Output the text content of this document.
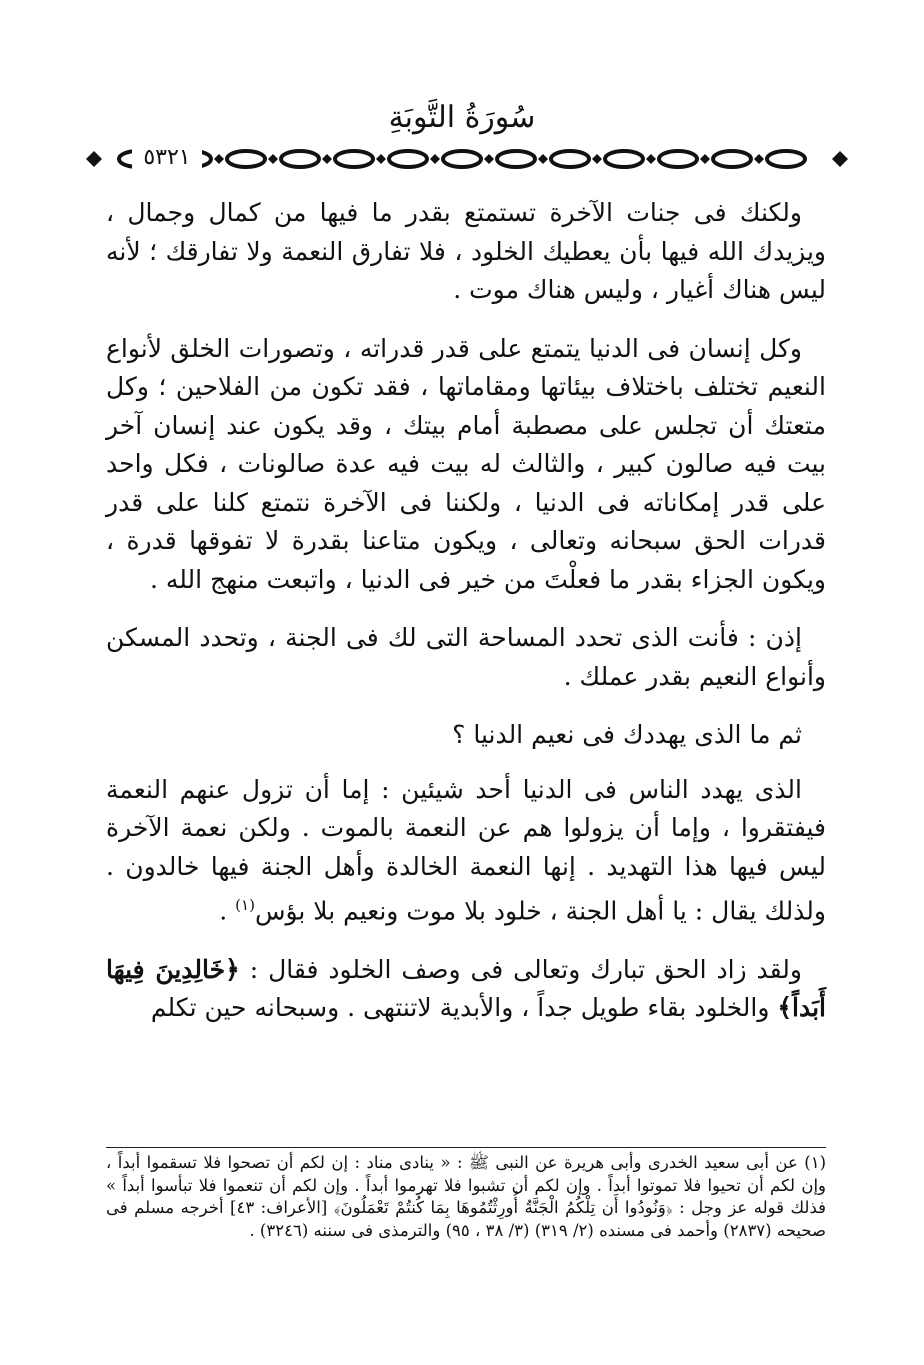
سُورَةُ التَّوبَةِ
٥٣٢١

ولكنك فى جنات الآخرة تستمتع بقدر ما فيها من كمال وجمال ، ويزيدك الله فيها بأن يعطيك الخلود ، فلا تفارق النعمة ولا تفارقك ؛ لأنه ليس هناك أغيار ، وليس هناك موت .

وكل إنسان فى الدنيا يتمتع على قدر قدراته ، وتصورات الخلق لأنواع النعيم تختلف باختلاف بيئاتها ومقاماتها ، فقد تكون من الفلاحين ؛ وكل متعتك أن تجلس على مصطبة أمام بيتك ، وقد يكون عند إنسان آخر بيت فيه صالون كبير ، والثالث له بيت فيه عدة صالونات ، فكل واحد على قدر إمكاناته فى الدنيا ، ولكننا فى الآخرة نتمتع كلنا على قدر قدرات الحق سبحانه وتعالى ، ويكون متاعنا بقدرة لا تفوقها قدرة ، ويكون الجزاء بقدر ما فعلْتَ من خير فى الدنيا ، واتبعت منهج الله .

إذن : فأنت الذى تحدد المساحة التى لك فى الجنة ، وتحدد المسكن وأنواع النعيم بقدر عملك .

ثم ما الذى يهددك فى نعيم الدنيا ؟

الذى يهدد الناس فى الدنيا أحد شيئين : إما أن تزول عنهم النعمة فيفتقروا ، وإما أن يزولوا هم عن النعمة بالموت . ولكن نعمة الآخرة ليس فيها هذا التهديد . إنها النعمة الخالدة وأهل الجنة فيها خالدون . ولذلك يقال : يا أهل الجنة ، خلود بلا موت ونعيم بلا بؤس$^{(١)}$ .

ولقد زاد الحق تبارك وتعالى فى وصف الخلود فقال : ﴿خَالِدِينَ فِيهَا أَبَداً﴾ والخلود بقاء طويل جداً ، والأبدية لاتنتهى . وسبحانه حين تكلم

(١) عن أبى سعيد الخدرى وأبى هريرة عن النبى ﷺ : « ينادى مناد : إن لكم أن تصحوا فلا تسقموا أبداً ، وإن لكم أن تحيوا فلا تموتوا أبداً . وإن لكم أن تشبوا فلا تهرموا أبداً . وإن لكم أن تنعموا فلا تبأسوا أبداً » فذلك قوله عز وجل : ﴿وَنُودُوا أَن تِلْكُمُ الْجَنَّةُ أُورِثْتُمُوهَا بِمَا كُنتُمْ تَعْمَلُونَ﴾ [الأعراف: ٤٣] أخرجه مسلم فى صحيحه (٢٨٣٧) وأحمد فى مسنده (٢/ ٣١٩) (٣/ ٣٨ ، ٩٥) والترمذى فى سننه (٣٢٤٦) .
